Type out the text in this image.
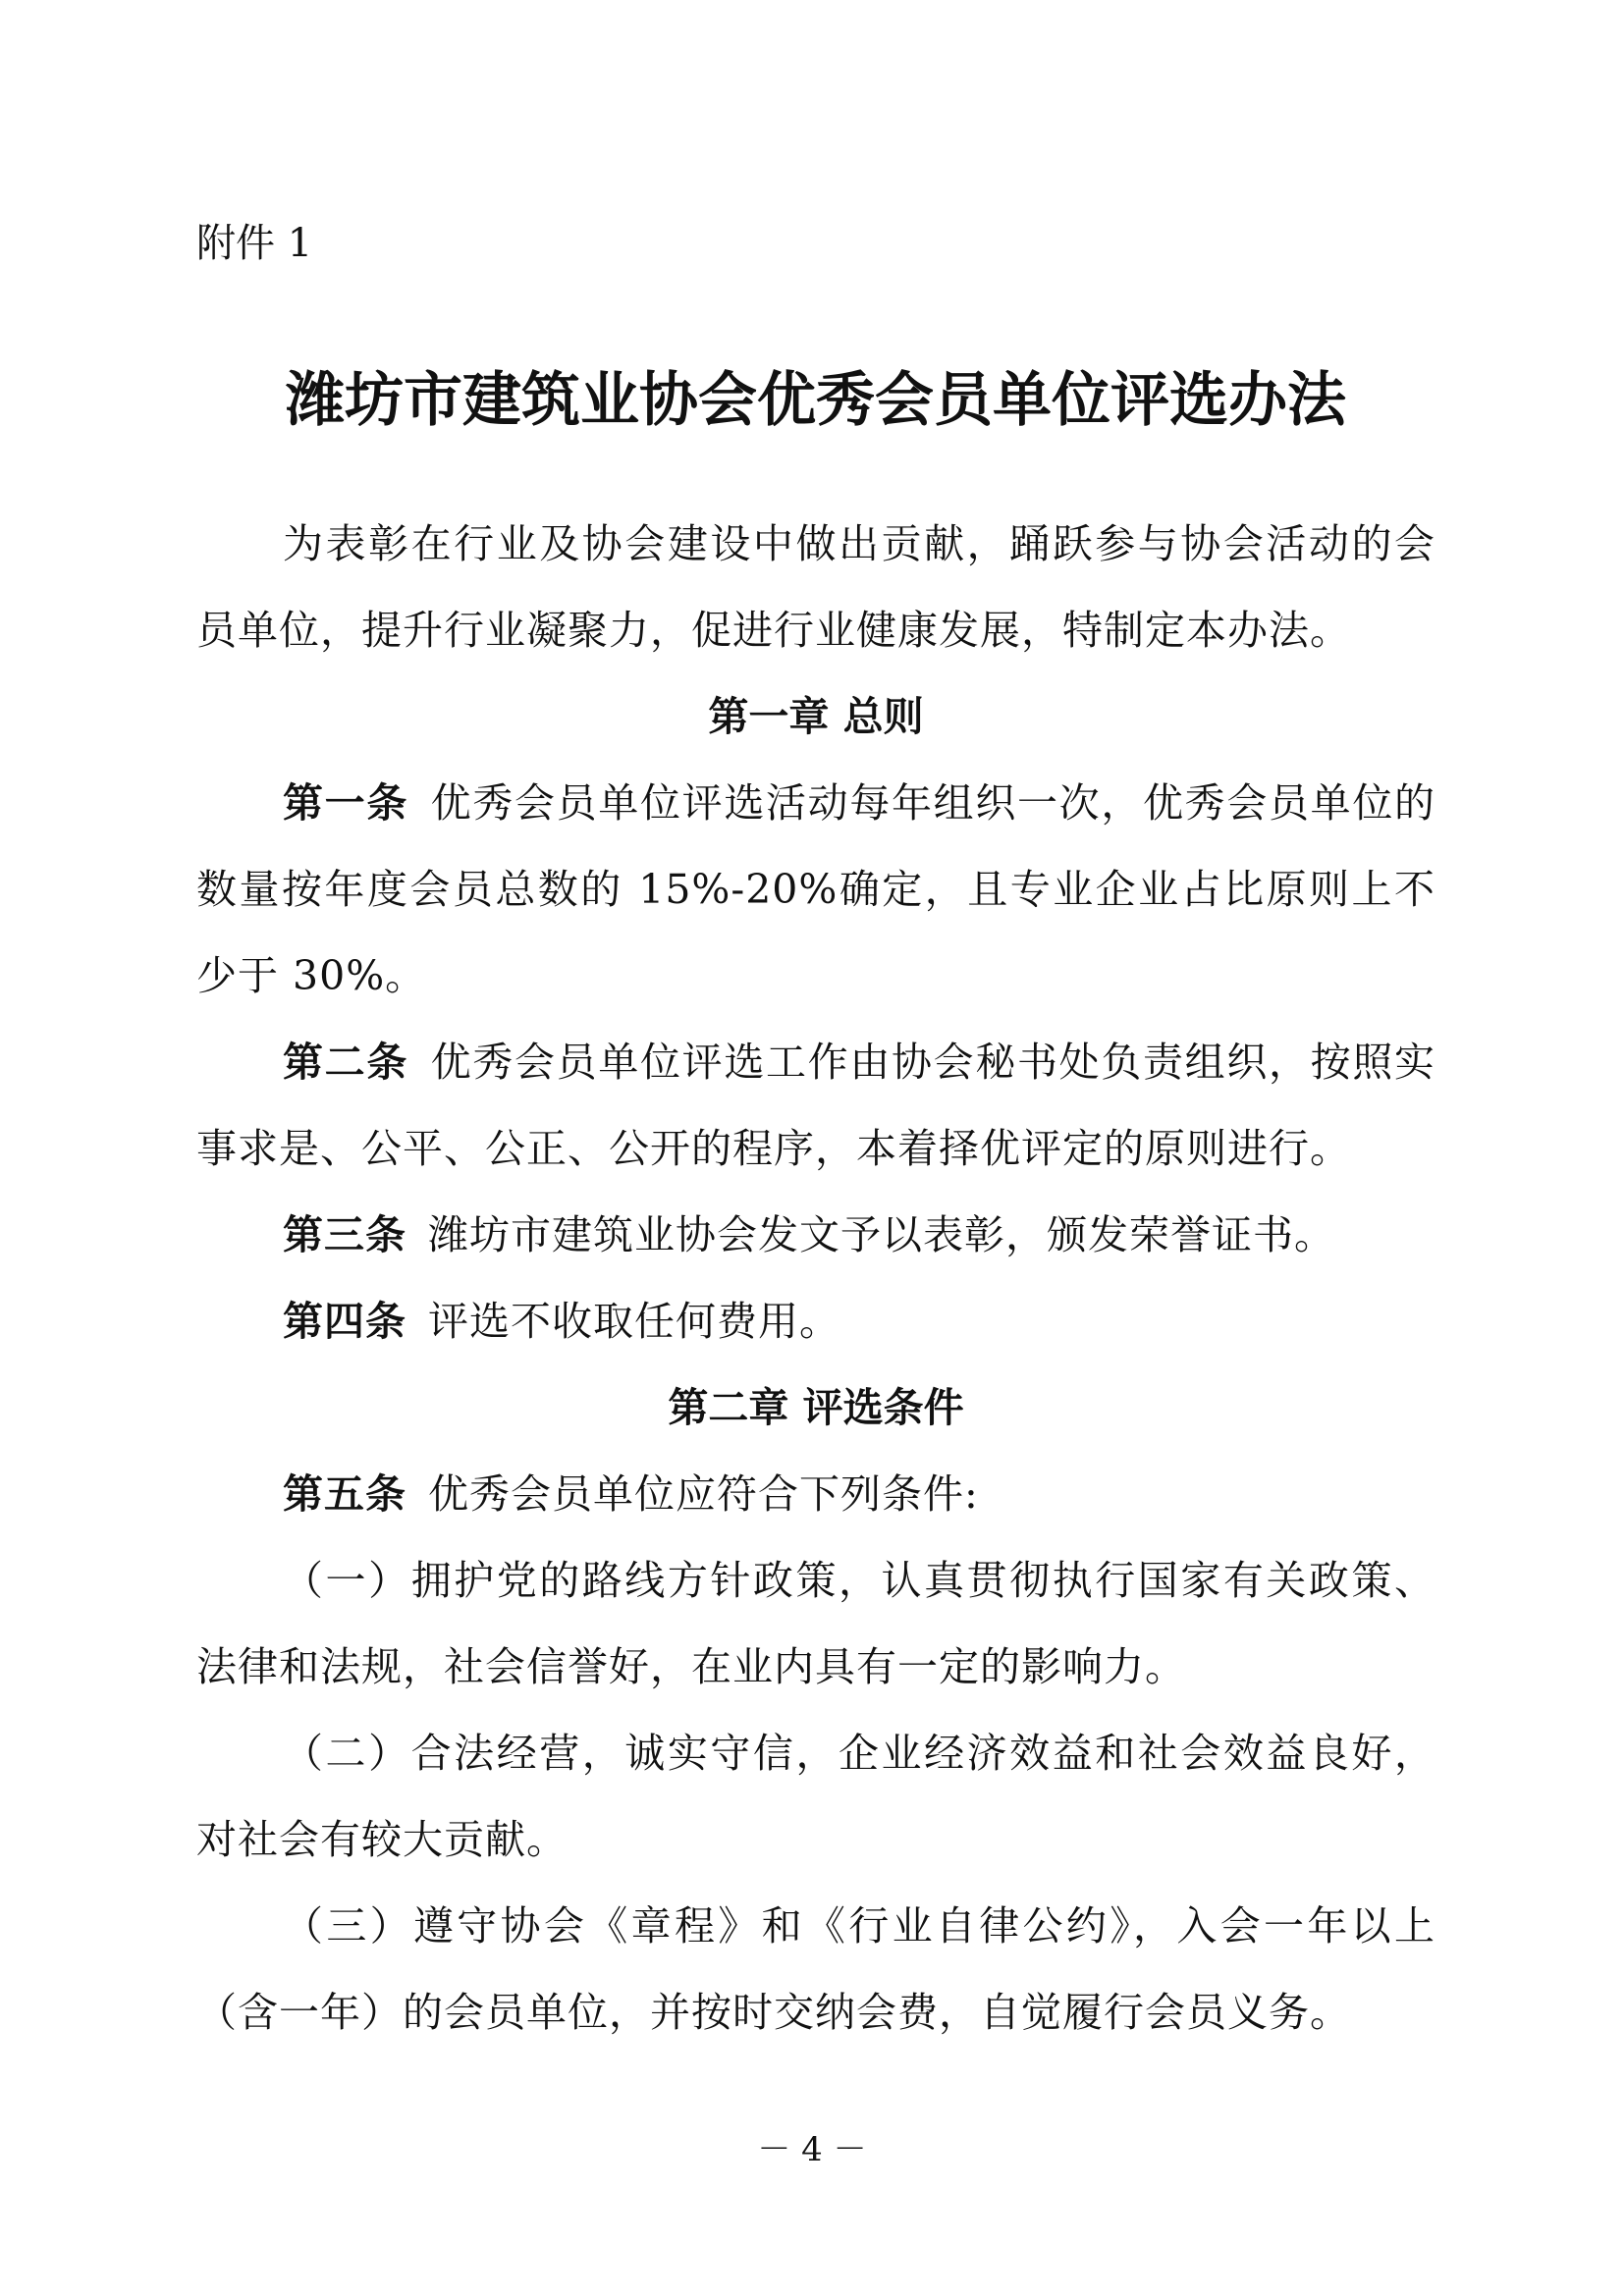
附件 1

潍坊市建筑业协会优秀会员单位评选办法

为表彰在行业及协会建设中做出贡献，踊跃参与协会活动的会员单位，提升行业凝聚力，促进行业健康发展，特制定本办法。

第一章 总则

第一条 优秀会员单位评选活动每年组织一次，优秀会员单位的数量按年度会员总数的 15%-20%确定，且专业企业占比原则上不少于 30%。

第二条 优秀会员单位评选工作由协会秘书处负责组织，按照实事求是、公平、公正、公开的程序，本着择优评定的原则进行。

第三条 潍坊市建筑业协会发文予以表彰，颁发荣誉证书。

第四条 评选不收取任何费用。

第二章 评选条件

第五条 优秀会员单位应符合下列条件:

（一）拥护党的路线方针政策，认真贯彻执行国家有关政策、法律和法规，社会信誉好，在业内具有一定的影响力。

（二）合法经营，诚实守信，企业经济效益和社会效益良好，对社会有较大贡献。

（三）遵守协会《章程》和《行业自律公约》，入会一年以上（含一年）的会员单位，并按时交纳会费，自觉履行会员义务。

－ 4 －
